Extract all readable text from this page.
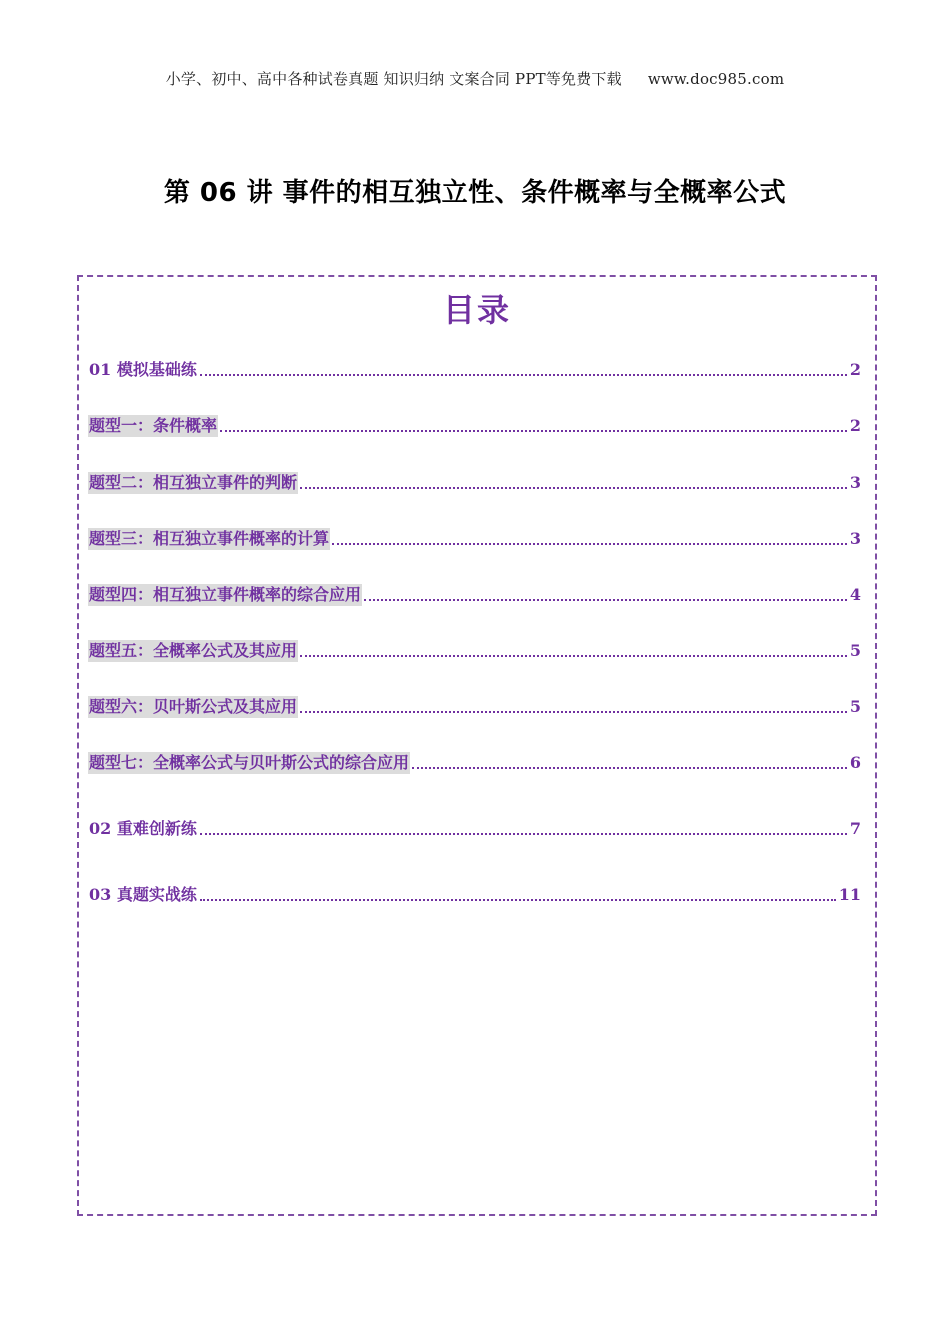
小学、初中、高中各种试卷真题 知识归纳 文案合同 PPT等免费下载 www.doc985.com
第 06 讲 事件的相互独立性、条件概率与全概率公式
目录
01 模拟基础练	2
题型一：条件概率	2
题型二：相互独立事件的判断	3
题型三：相互独立事件概率的计算	3
题型四：相互独立事件概率的综合应用	4
题型五：全概率公式及其应用	5
题型六：贝叶斯公式及其应用	5
题型七：全概率公式与贝叶斯公式的综合应用	6
02 重难创新练	7
03 真题实战练	11
